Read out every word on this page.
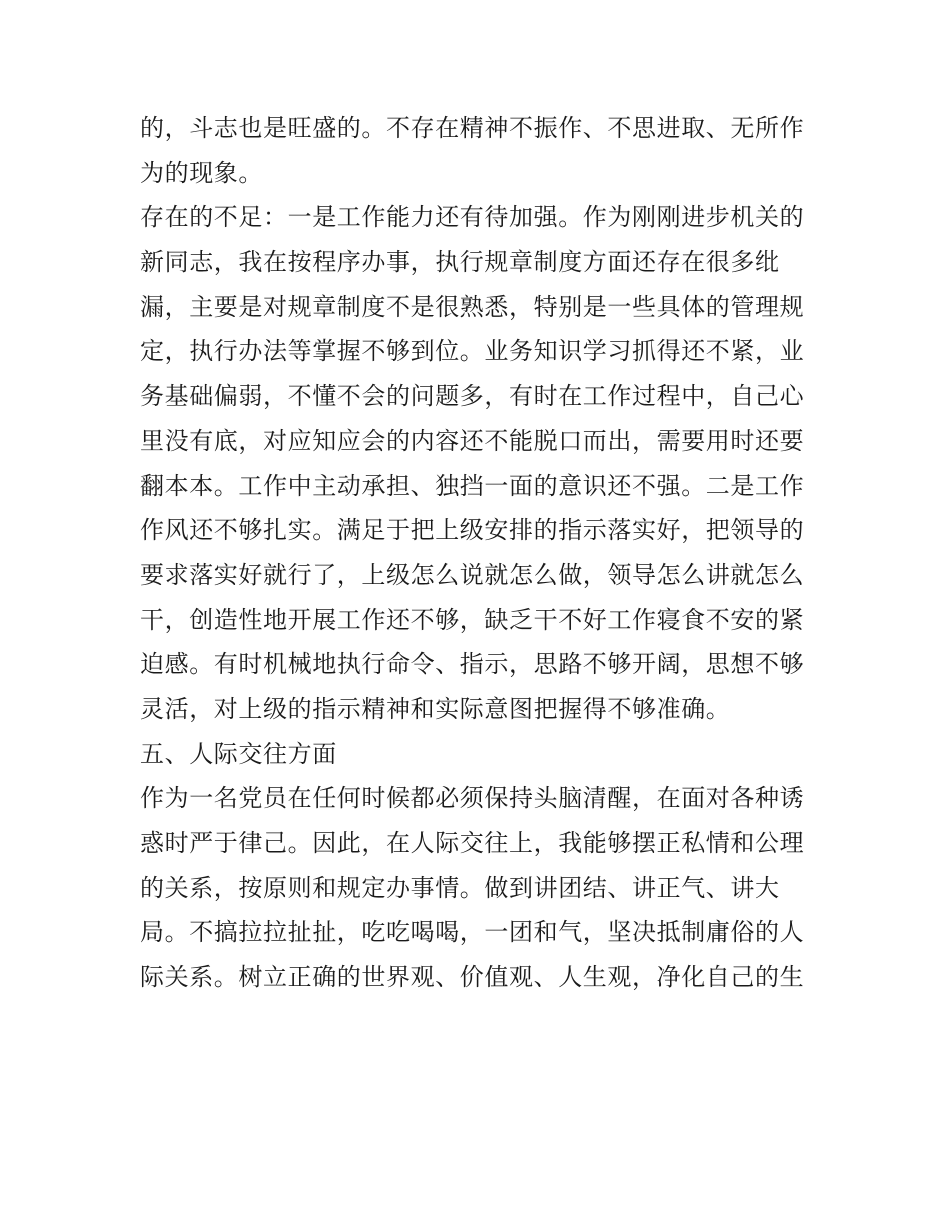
的，斗志也是旺盛的。不存在精神不振作、不思进取、无所作
为的现象。
存在的不足：一是工作能力还有待加强。作为刚刚进步机关的
新同志，我在按程序办事，执行规章制度方面还存在很多纰
漏，主要是对规章制度不是很熟悉，特别是一些具体的管理规
定，执行办法等掌握不够到位。业务知识学习抓得还不紧，业
务基础偏弱，不懂不会的问题多，有时在工作过程中，自己心
里没有底，对应知应会的内容还不能脱口而出，需要用时还要
翻本本。工作中主动承担、独挡一面的意识还不强。二是工作
作风还不够扎实。满足于把上级安排的指示落实好，把领导的
要求落实好就行了，上级怎么说就怎么做，领导怎么讲就怎么
干，创造性地开展工作还不够，缺乏干不好工作寝食不安的紧
迫感。有时机械地执行命令、指示，思路不够开阔，思想不够
灵活，对上级的指示精神和实际意图把握得不够准确。
五、人际交往方面
作为一名党员在任何时候都必须保持头脑清醒，在面对各种诱
惑时严于律己。因此，在人际交往上，我能够摆正私情和公理
的关系，按原则和规定办事情。做到讲团结、讲正气、讲大
局。不搞拉拉扯扯，吃吃喝喝，一团和气，坚决抵制庸俗的人
际关系。树立正确的世界观、价值观、人生观，净化自己的生
